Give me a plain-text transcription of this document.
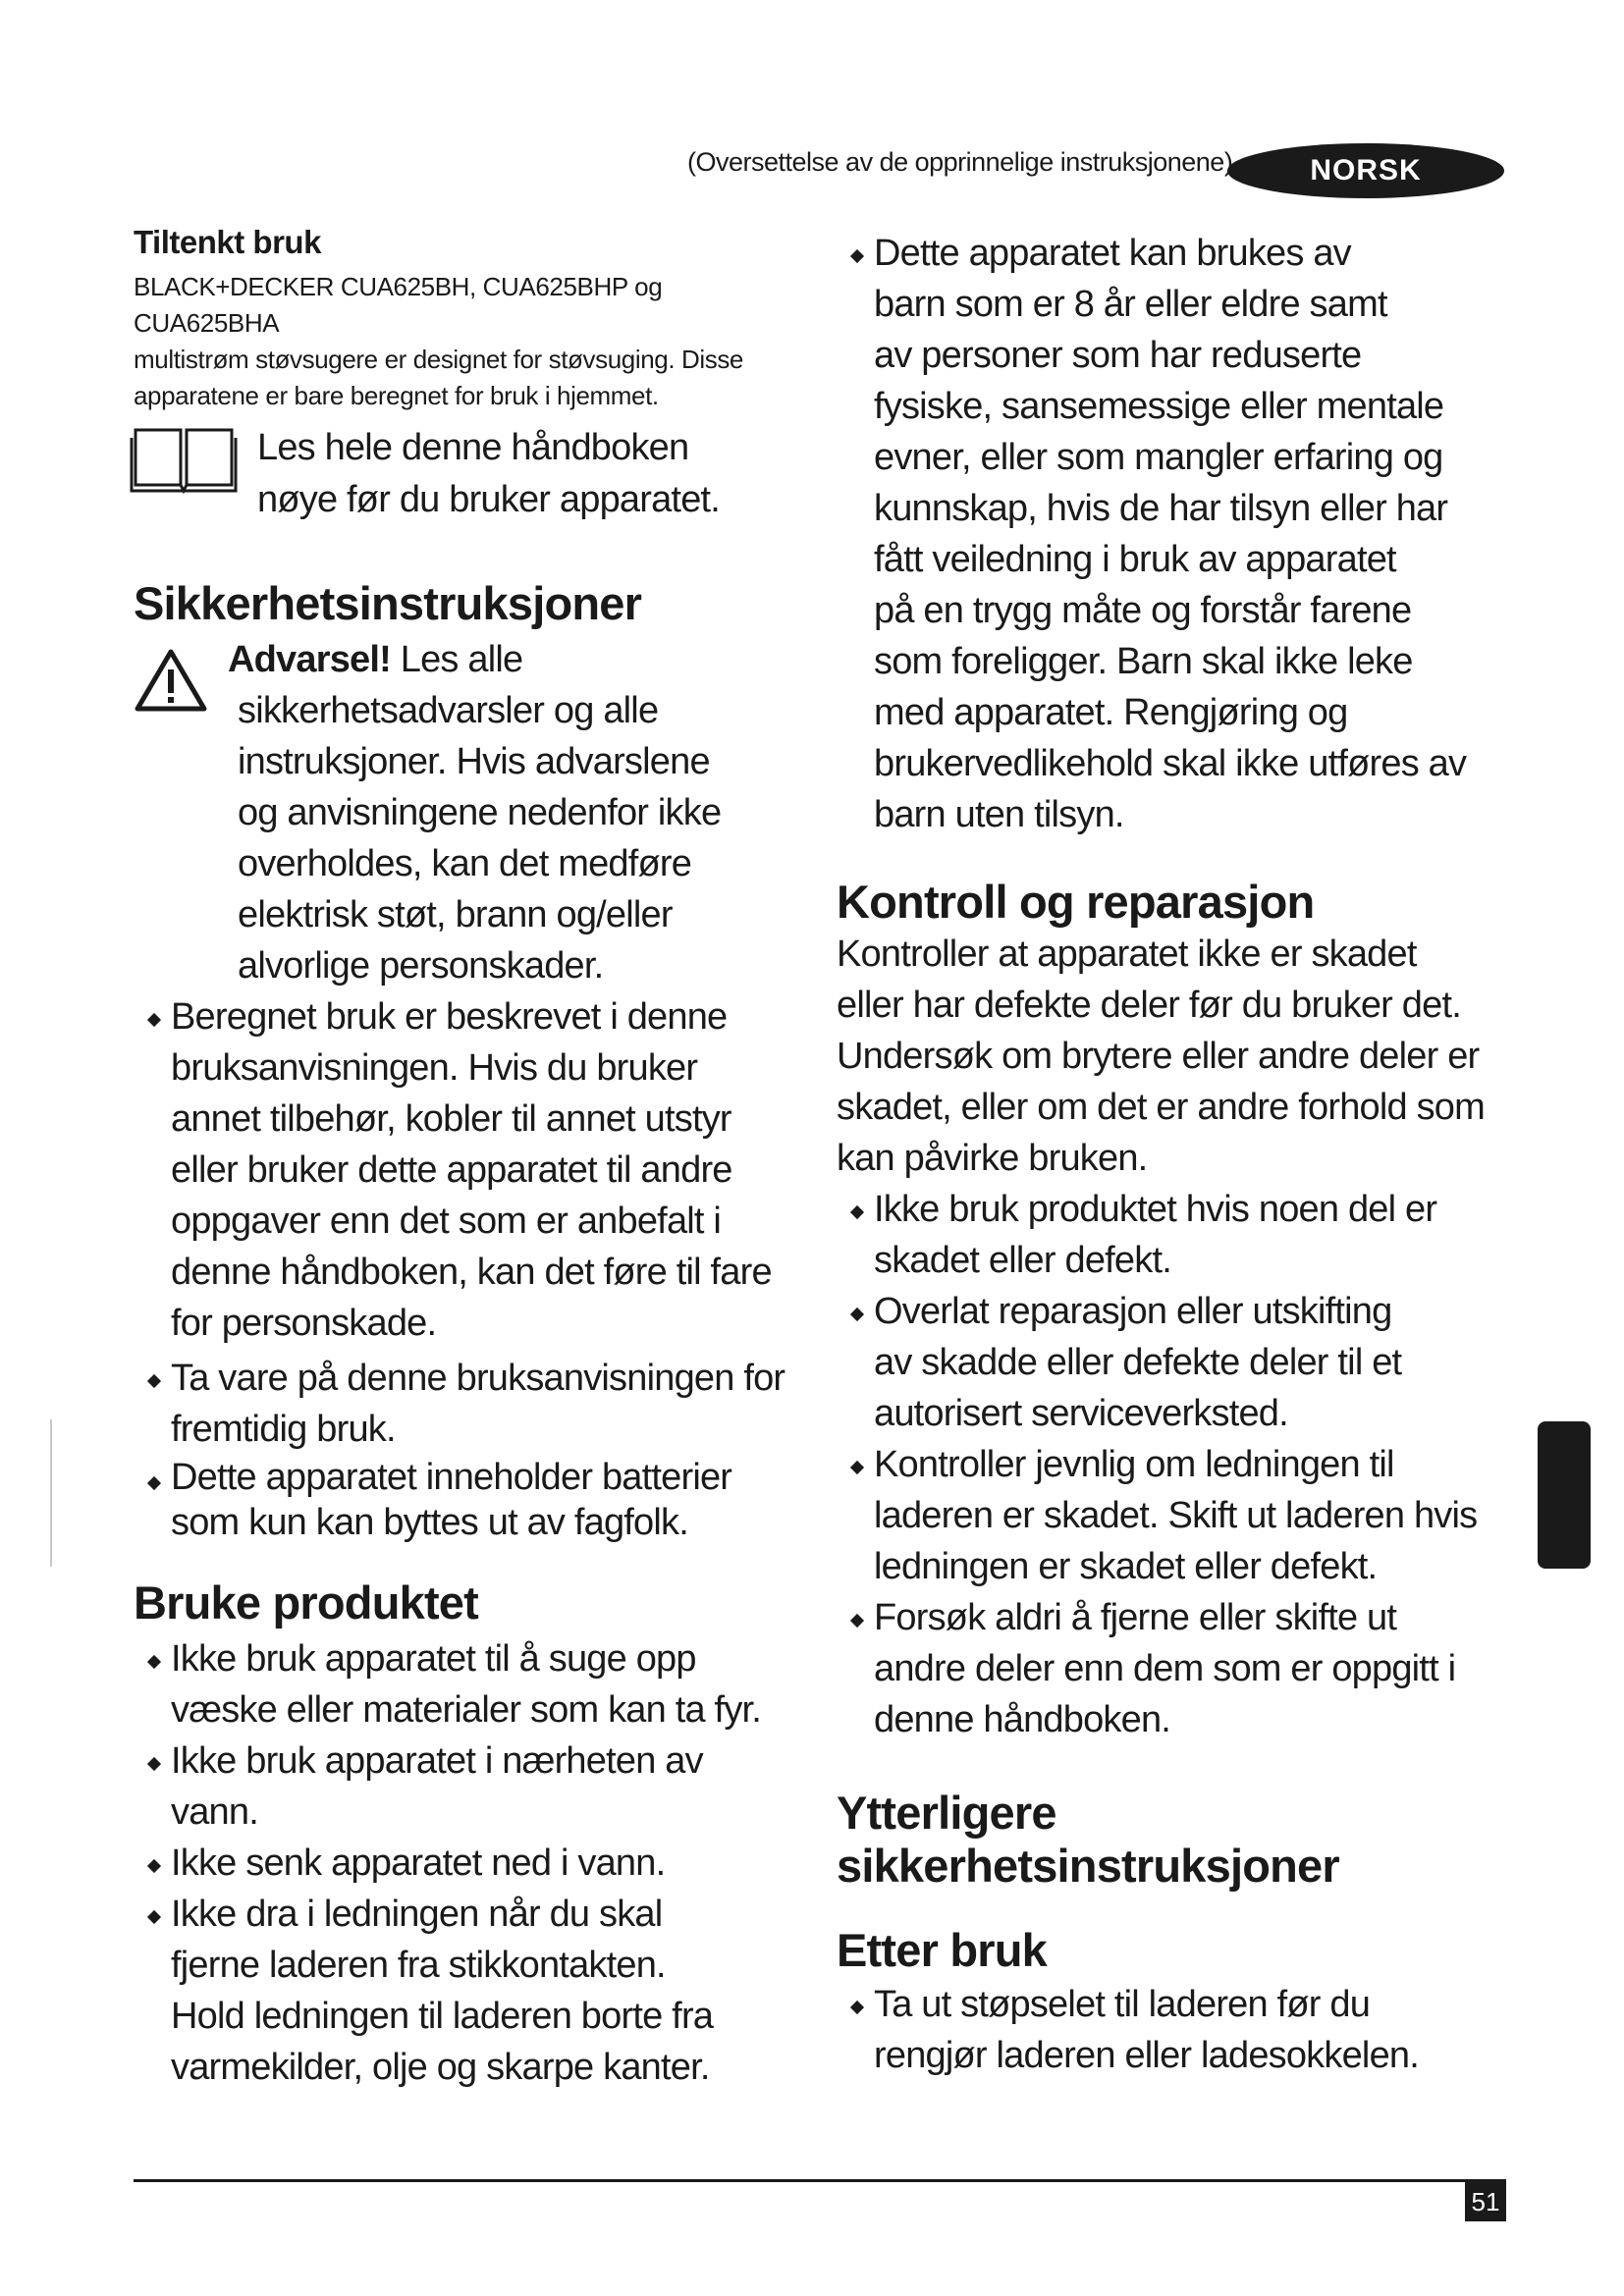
(Oversettelse av de opprinnelige instruksjonene)	NORSK
Tiltenkt bruk
BLACK+DECKER CUA625BH, CUA625BHP og CUA625BHA
multistrøm støvsugere er designet for støvsuging. Disse
apparatene er bare beregnet for bruk i hjemmet.
Les hele denne håndboken
nøye før du bruker apparatet.
Sikkerhetsinstruksjoner
Advarsel! Les alle
sikkerhetsadvarsler og alle
instruksjoner. Hvis advarslene
og anvisningene nedenfor ikke
overholdes, kan det medføre
elektrisk støt, brann og/eller
alvorlige personskader.
Beregnet bruk er beskrevet i denne
bruksanvisningen. Hvis du bruker
annet tilbehør, kobler til annet utstyr
eller bruker dette apparatet til andre
oppgaver enn det som er anbefalt i
denne håndboken, kan det føre til fare
for personskade.
Ta vare på denne bruksanvisningen for
fremtidig bruk.
Dette apparatet inneholder batterier
som kun kan byttes ut av fagfolk.
Bruke produktet
Ikke bruk apparatet til å suge opp
væske eller materialer som kan ta fyr.
Ikke bruk apparatet i nærheten av
vann.
Ikke senk apparatet ned i vann.
Ikke dra i ledningen når du skal
fjerne laderen fra stikkontakten.
Hold ledningen til laderen borte fra
varmekilder, olje og skarpe kanter.
Dette apparatet kan brukes av
barn som er 8 år eller eldre samt
av personer som har reduserte
fysiske, sansemessige eller mentale
evner, eller som mangler erfaring og
kunnskap, hvis de har tilsyn eller har
fått veiledning i bruk av apparatet
på en trygg måte og forstår farene
som foreligger. Barn skal ikke leke
med apparatet. Rengjøring og
brukervedlikehold skal ikke utføres av
barn uten tilsyn.
Kontroll og reparasjon
Kontroller at apparatet ikke er skadet
eller har defekte deler før du bruker det.
Undersøk om brytere eller andre deler er
skadet, eller om det er andre forhold som
kan påvirke bruken.
Ikke bruk produktet hvis noen del er
skadet eller defekt.
Overlat reparasjon eller utskifting
av skadde eller defekte deler til et
autorisert serviceverksted.
Kontroller jevnlig om ledningen til
laderen er skadet. Skift ut laderen hvis
ledningen er skadet eller defekt.
Forsøk aldri å fjerne eller skifte ut
andre deler enn dem som er oppgitt i
denne håndboken.
Ytterligere
sikkerhetsinstruksjoner
Etter bruk
Ta ut støpselet til laderen før du
rengjør laderen eller ladesokkelen.
51
